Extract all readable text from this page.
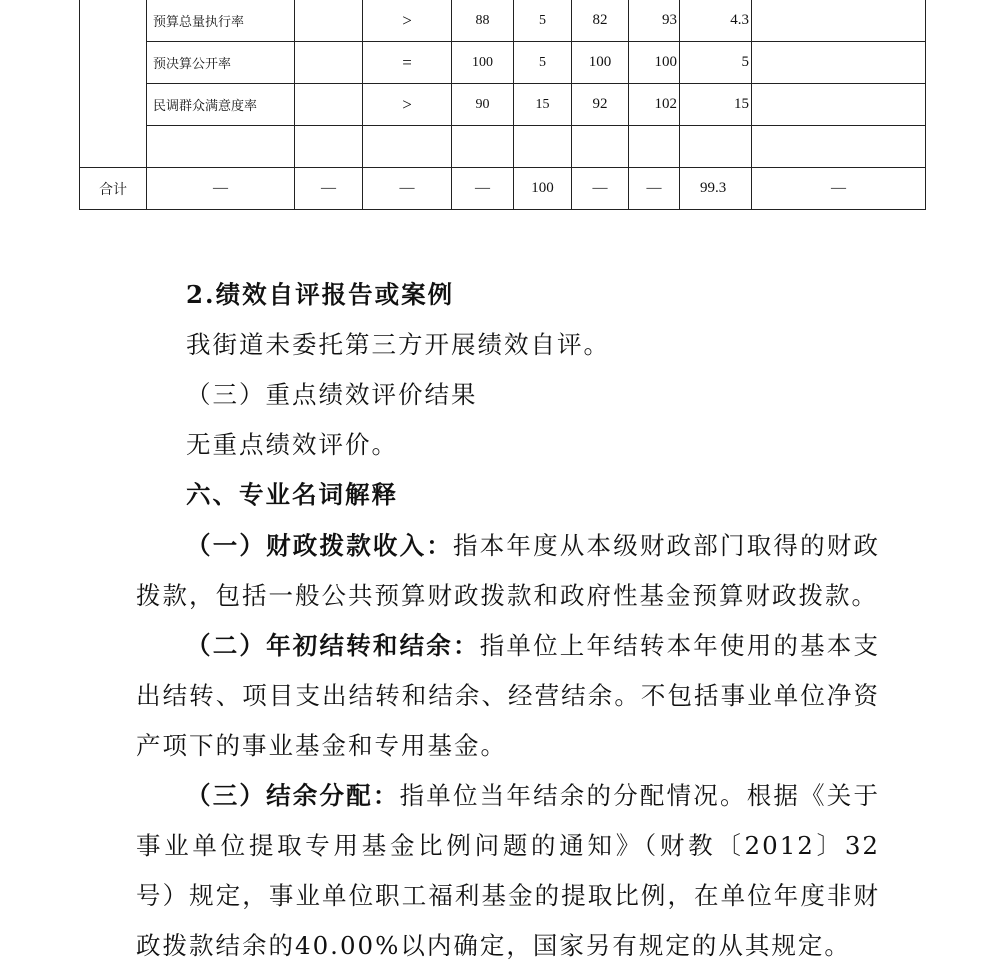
	预算总量执行率		>	88	5	82	93	4.3	
	预决算公开率		=	100	5	100	100	5	
	民调群众满意度率		>	90	15	92	102	15	

合计	—	—	—	—	100	—	—	99.3	—

2.绩效自评报告或案例

我街道未委托第三方开展绩效自评。

（三）重点绩效评价结果

无重点绩效评价。

六、专业名词解释

（一）财政拨款收入：指本年度从本级财政部门取得的财政拨款，包括一般公共预算财政拨款和政府性基金预算财政拨款。

（二）年初结转和结余：指单位上年结转本年使用的基本支出结转、项目支出结转和结余、经营结余。不包括事业单位净资产项下的事业基金和专用基金。

（三）结余分配：指单位当年结余的分配情况。根据《关于事业单位提取专用基金比例问题的通知》（财教〔2012〕32 号）规定，事业单位职工福利基金的提取比例，在单位年度非财政拨款结余的40.00%以内确定，国家另有规定的从其规定。
